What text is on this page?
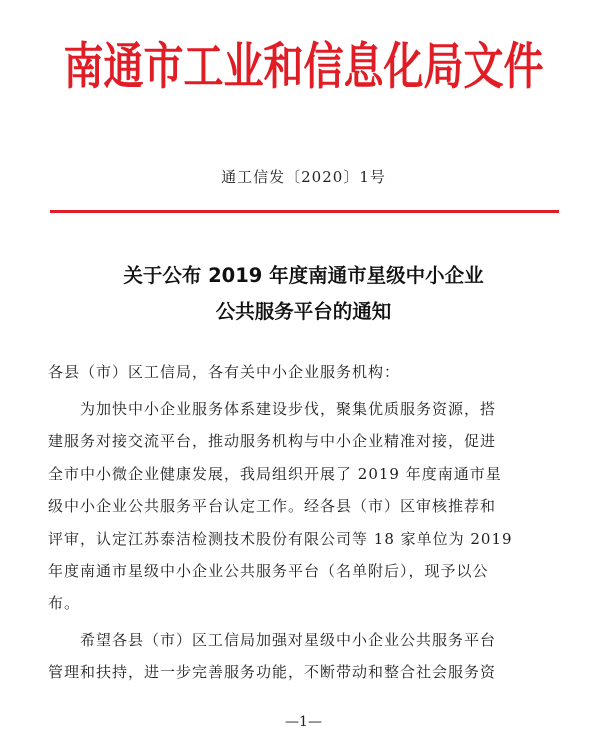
南通市工业和信息化局文件
通工信发〔2020〕1号
关于公布 2019 年度南通市星级中小企业
公共服务平台的通知
各县（市）区工信局，各有关中小企业服务机构：
为加快中小企业服务体系建设步伐，聚集优质服务资源，搭
建服务对接交流平台，推动服务机构与中小企业精准对接，促进
全市中小微企业健康发展，我局组织开展了 2019 年度南通市星
级中小企业公共服务平台认定工作。经各县（市）区审核推荐和
评审，认定江苏泰洁检测技术股份有限公司等 18 家单位为 2019
年度南通市星级中小企业公共服务平台（名单附后），现予以公
布。
希望各县（市）区工信局加强对星级中小企业公共服务平台
管理和扶持，进一步完善服务功能，不断带动和整合社会服务资
—1—
